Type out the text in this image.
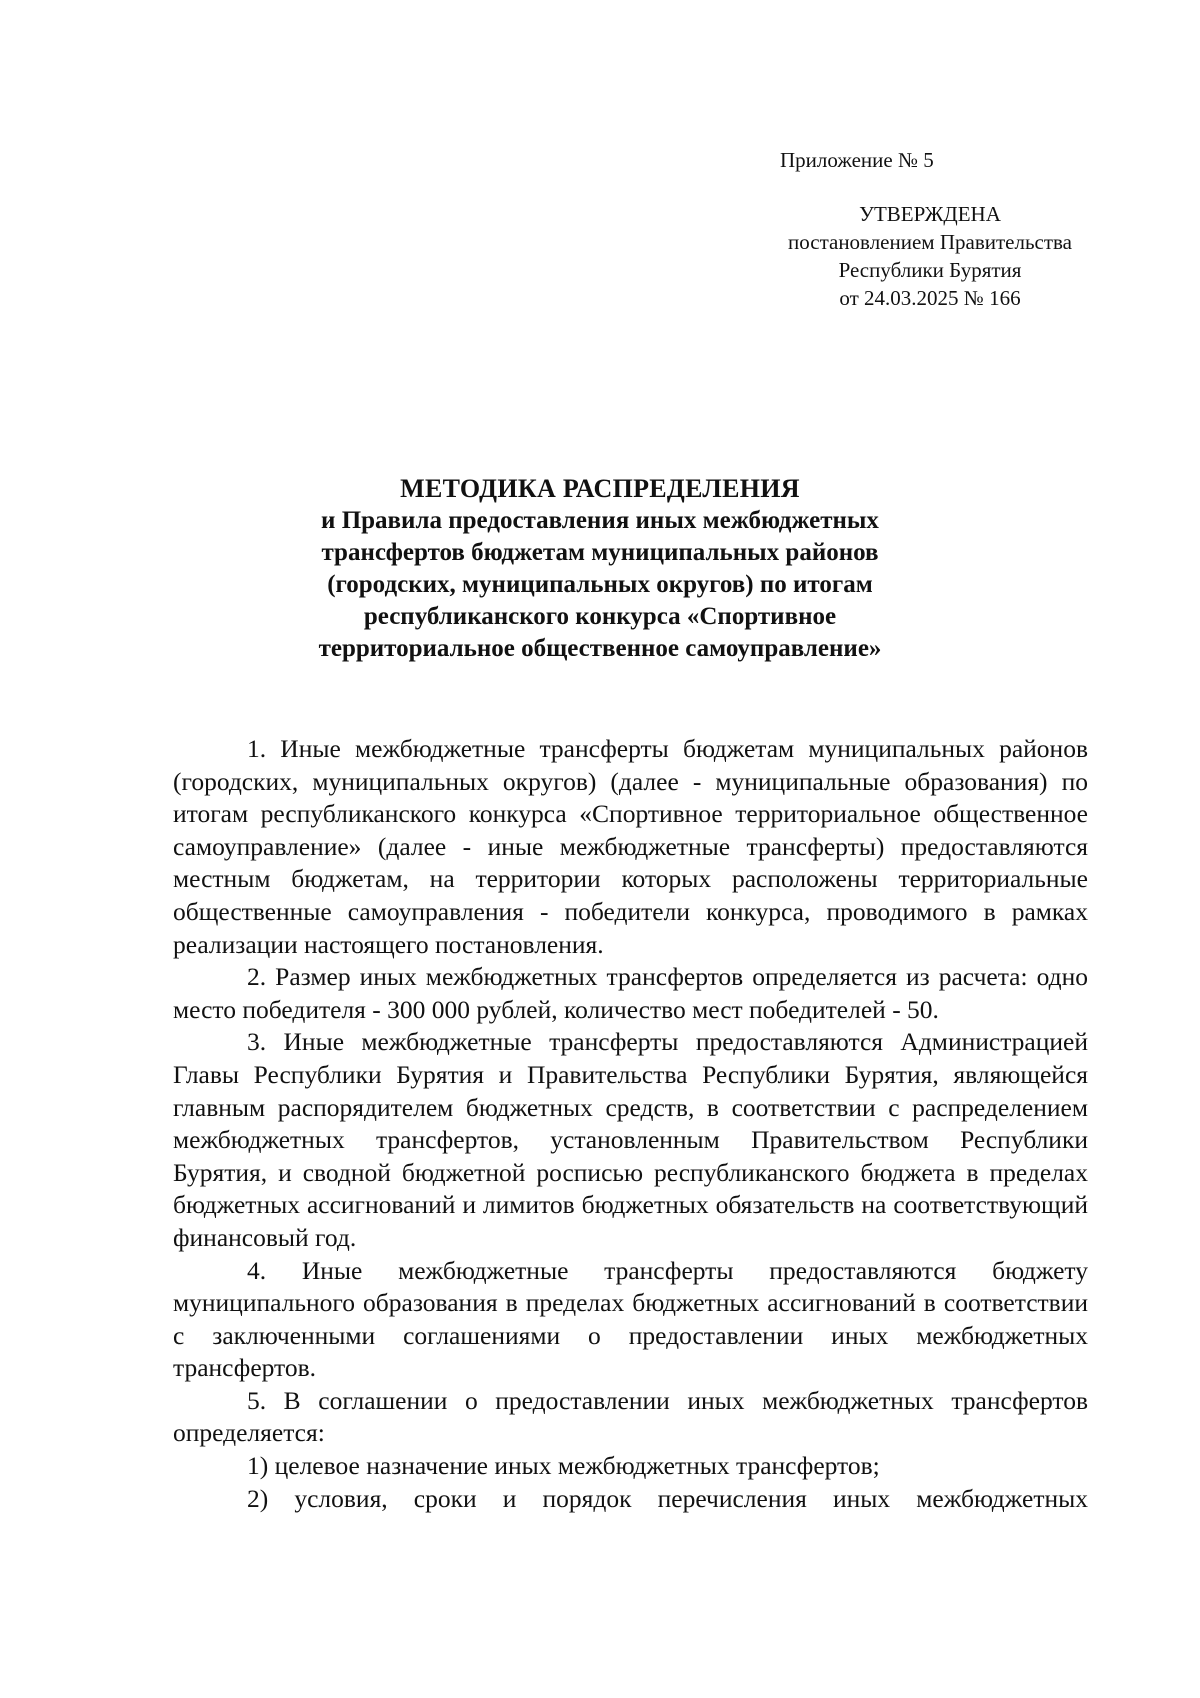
Приложение № 5
УТВЕРЖДЕНА
постановлением Правительства
Республики Бурятия
от 24.03.2025 № 166
МЕТОДИКА РАСПРЕДЕЛЕНИЯ
и Правила предоставления иных межбюджетных
трансфертов бюджетам муниципальных районов
(городских, муниципальных округов) по итогам
республиканского конкурса «Спортивное
территориальное общественное самоуправление»

1. Иные межбюджетные трансферты бюджетам муниципальных районов (городских, муниципальных округов) (далее - муниципальные образования) по итогам республиканского конкурса «Спортивное территориальное общественное самоуправление» (далее - иные межбюджетные трансферты) предоставляются местным бюджетам, на территории которых расположены территориальные общественные самоуправления - победители конкурса, проводимого в рамках реализации настоящего постановления.

2. Размер иных межбюджетных трансфертов определяется из расчета: одно место победителя - 300 000 рублей, количество мест победителей - 50.

3. Иные межбюджетные трансферты предоставляются Администрацией Главы Республики Бурятия и Правительства Республики Бурятия, являющейся главным распорядителем бюджетных средств, в соответствии с распределением межбюджетных трансфертов, установленным Правительством Республики Бурятия, и сводной бюджетной росписью республиканского бюджета в пределах бюджетных ассигнований и лимитов бюджетных обязательств на соответствующий финансовый год.

4. Иные межбюджетные трансферты предоставляются бюджету муниципального образования в пределах бюджетных ассигнований в соответствии с заключенными соглашениями о предоставлении иных межбюджетных трансфертов.

5. В соглашении о предоставлении иных межбюджетных трансфертов определяется:

1) целевое назначение иных межбюджетных трансфертов;

2) условия, сроки и порядок перечисления иных межбюджетных
